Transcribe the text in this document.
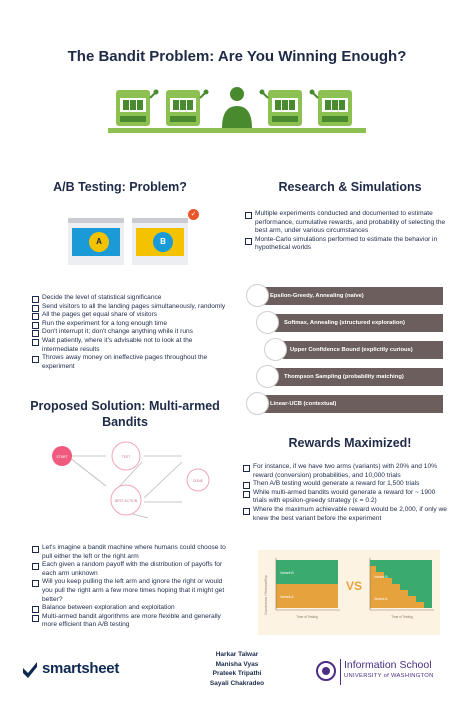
The Bandit Problem: Are You Winning Enough?
A/B Testing: Problem?
A	B
✓
Decide the level of statistical significance
Send visitors to all the landing pages simultaneously, randomly
All the pages get equal share of visitors
Run the experiment for a long enough time
Don't interrupt it; don't change anything while it runs
Wait patiently, where it's advisable not to look at the intermediate results
Throws away money on ineffective pages throughout the experiment
Research & Simulations
Multiple experiments conducted and documented to estimate performance, cumulative rewards, and probability of selecting the best arm, under various circumstances
Monte-Carlo simulations performed to estimate the behavior in hypothetical worlds
Epsilon-Greedy, Annealing (naïve)
Softmax, Annealing (structured exploration)
Upper Confidence Bound (explicitly curious)
Thompson Sampling (probability matching)
Linear-UCB (contextual)
Proposed Solution: Multi-armed Bandits
START	TEST
BEST ACTION
DONE
Let's imagine a bandit machine where humans could choose to pull either the left or the right arm
Each given a random payoff with the distribution of payoffs for each arm unknown
Will you keep pulling the left arm and ignore the right or would you pull the right arm a few more times hoping that it might get better?
Balance between exploration and exploitation
Multi-armed bandit algorithms are more flexible and generally more efficient than A/B testing
Rewards Maximized!
For instance, if we have two arms (variants) with 20% and 10% reward (conversion) probabilities, and 10,000 trials
Then A/B testing would generate a reward for 1,500 trials
While multi-armed bandits would generate a reward for ~ 1900 trials with epsilon-greedy strategy (ε = 0.2)
Where the maximum achievable reward would be 2,000, if only we knew the best variant before the experiment
Conversions / Revenue/Exp
Variant B
Variant A
Time of Testing
VS
Variant B
Variant A
Time of Testing
smartsheet
Harkar Talwar
Manisha Vyas
Prateek Tripathi
Sayali Chakradeo
Information School
UNIVERSITY of WASHINGTON
